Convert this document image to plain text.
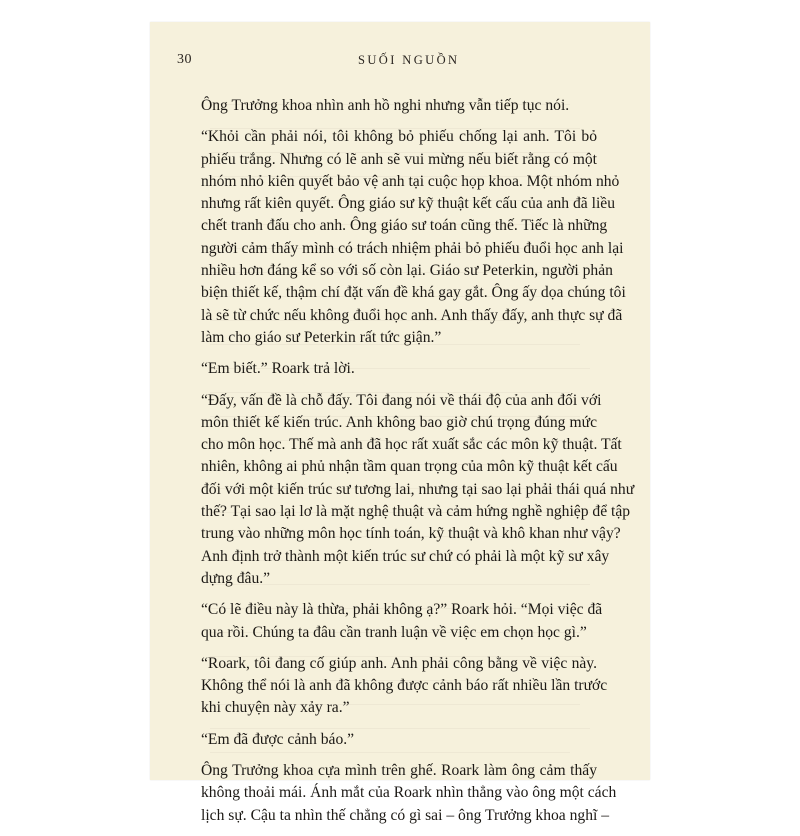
30	SUỐI NGUỒN

Ông Trưởng khoa nhìn anh hồ nghi nhưng vẫn tiếp tục nói.

“Khỏi cần phải nói, tôi không bỏ phiếu chống lại anh. Tôi bỏ
phiếu trắng. Nhưng có lẽ anh sẽ vui mừng nếu biết rằng có một
nhóm nhỏ kiên quyết bảo vệ anh tại cuộc họp khoa. Một nhóm nhỏ
nhưng rất kiên quyết. Ông giáo sư kỹ thuật kết cấu của anh đã liều
chết tranh đấu cho anh. Ông giáo sư toán cũng thế. Tiếc là những
người cảm thấy mình có trách nhiệm phải bỏ phiếu đuổi học anh lại
nhiều hơn đáng kể so với số còn lại. Giáo sư Peterkin, người phản
biện thiết kế, thậm chí đặt vấn đề khá gay gắt. Ông ấy dọa chúng tôi
là sẽ từ chức nếu không đuổi học anh. Anh thấy đấy, anh thực sự đã
làm cho giáo sư Peterkin rất tức giận.”

“Em biết.” Roark trả lời.

“Đấy, vấn đề là chỗ đấy. Tôi đang nói về thái độ của anh đối với
môn thiết kế kiến trúc. Anh không bao giờ chú trọng đúng mức
cho môn học. Thế mà anh đã học rất xuất sắc các môn kỹ thuật. Tất
nhiên, không ai phủ nhận tầm quan trọng của môn kỹ thuật kết cấu
đối với một kiến trúc sư tương lai, nhưng tại sao lại phải thái quá như
thế? Tại sao lại lơ là mặt nghệ thuật và cảm hứng nghề nghiệp để tập
trung vào những môn học tính toán, kỹ thuật và khô khan như vậy?
Anh định trở thành một kiến trúc sư chứ có phải là một kỹ sư xây
dựng đâu.”

“Có lẽ điều này là thừa, phải không ạ?” Roark hỏi. “Mọi việc đã
qua rồi. Chúng ta đâu cần tranh luận về việc em chọn học gì.”

“Roark, tôi đang cố giúp anh. Anh phải công bằng về việc này.
Không thể nói là anh đã không được cảnh báo rất nhiều lần trước
khi chuyện này xảy ra.”

“Em đã được cảnh báo.”

Ông Trưởng khoa cựa mình trên ghế. Roark làm ông cảm thấy
không thoải mái. Ánh mắt của Roark nhìn thẳng vào ông một cách
lịch sự. Cậu ta nhìn thế chẳng có gì sai – ông Trưởng khoa nghĩ –
